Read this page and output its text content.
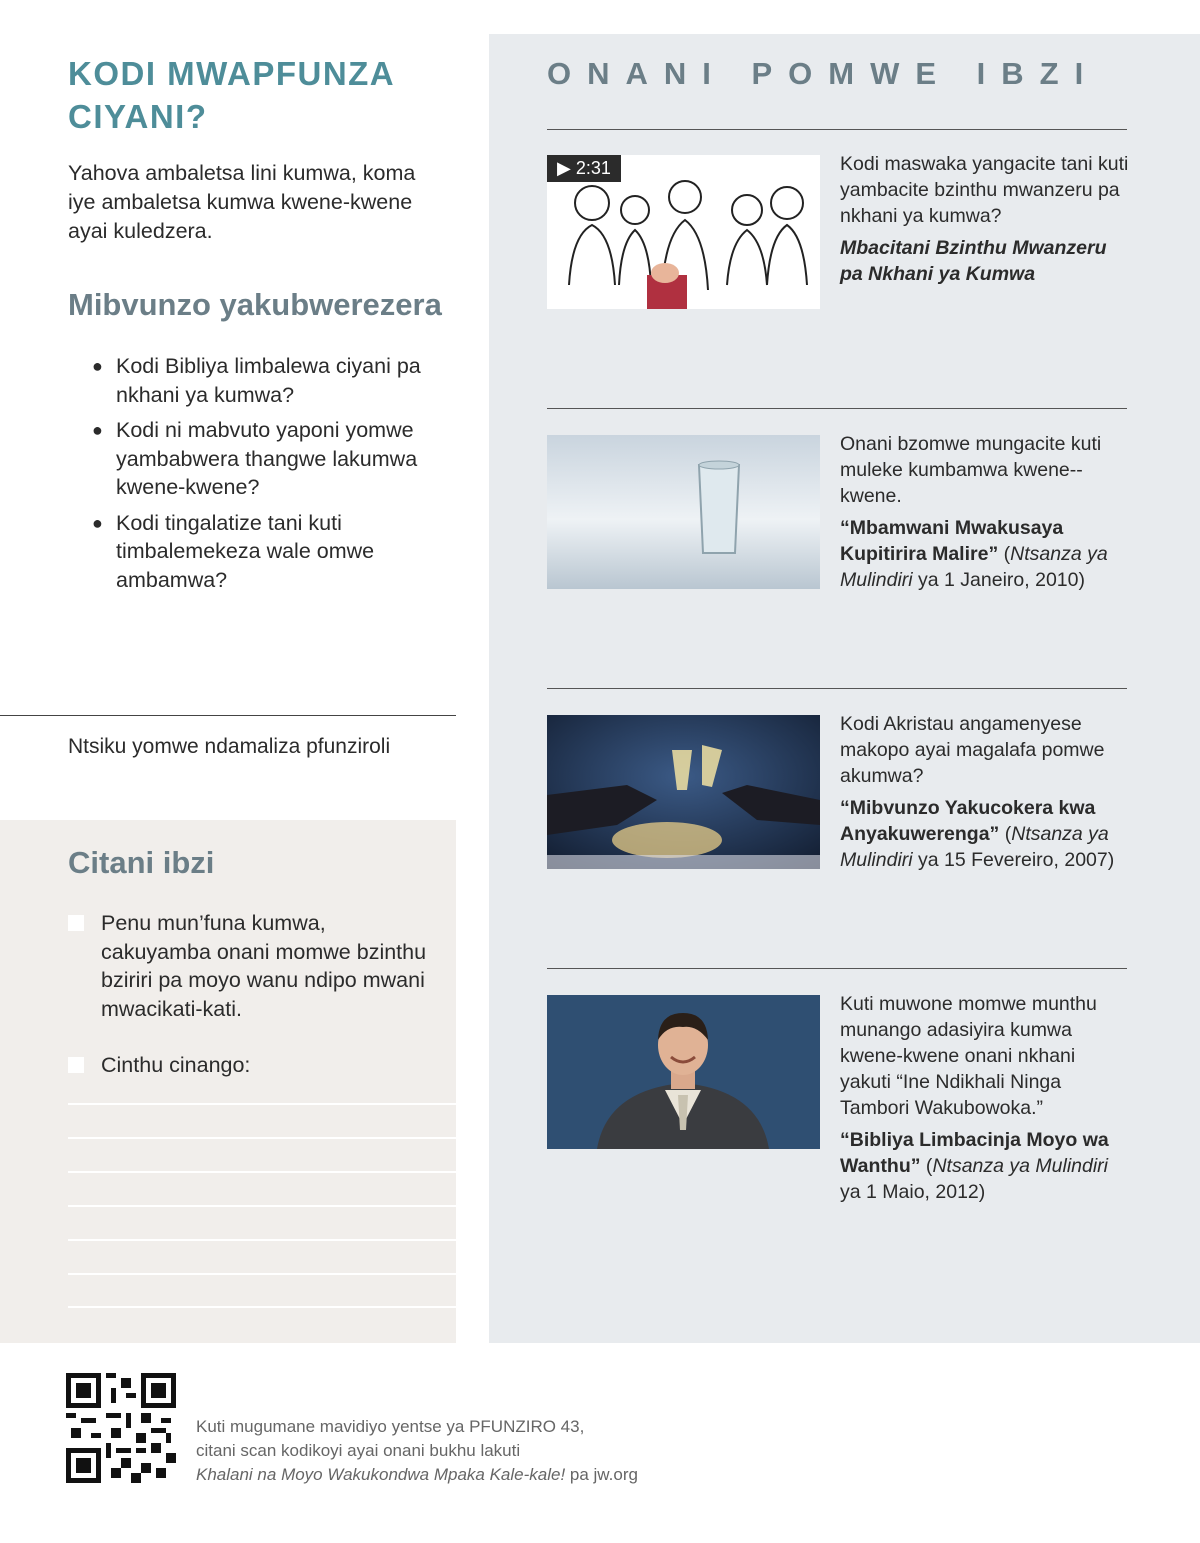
KODI MWAPFUNZA CIYANI?
Yahova ambaletsa lini kumwa, koma iye ambaletsa kumwa kwene-kwene ayai kuledzera.
Mibvunzo yakubwerezera
● Kodi Bibliya limbalewa ciyani pa nkhani ya kumwa?
● Kodi ni mabvuto yaponi yomwe yambabwera thangwe lakumwa kwene-kwene?
● Kodi tingalatize tani kuti timbalemekeza wale omwe ambamwa?
Ntsiku yomwe ndamaliza pfunziroli
Citani ibzi
Penu mun’funa kumwa, cakuyamba onani momwe bzinthu bziriri pa moyo wanu ndipo mwani mwacikati-kati.
Cinthu cinango:
ONANI POMWE IBZI
▶ 2:31	Kodi maswaka yangacite tani kuti yambacite bzinthu mwanzeru pa nkhani ya kumwa?
Mbacitani Bzinthu Mwanzeru pa Nkhani ya Kumwa
Onani bzomwe mungacite kuti muleke kumbamwa kwene--kwene.
“Mbamwani Mwakusaya Kupitirira Malire” (Ntsanza ya Mulindiri ya 1 Janeiro, 2010)
Kodi Akristau angamenyese makopo ayai magalafa pomwe akumwa?
“Mibvunzo Yakucokera kwa Anyakuwerenga” (Ntsanza ya Mulindiri ya 15 Fevereiro, 2007)
Kuti muwone momwe munthu munango adasiyira kumwa kwene-kwene onani nkhani yakuti “Ine Ndikhali Ninga Tambori Wakubowoka.”
“Bibliya Limbacinja Moyo wa Wanthu” (Ntsanza ya Mulindiri ya 1 Maio, 2012)
Kuti mugumane mavidiyo yentse ya PFUNZIRO 43,
citani scan kodikoyi ayai onani bukhu lakuti
Khalani na Moyo Wakukondwa Mpaka Kale-kale! pa jw.org
